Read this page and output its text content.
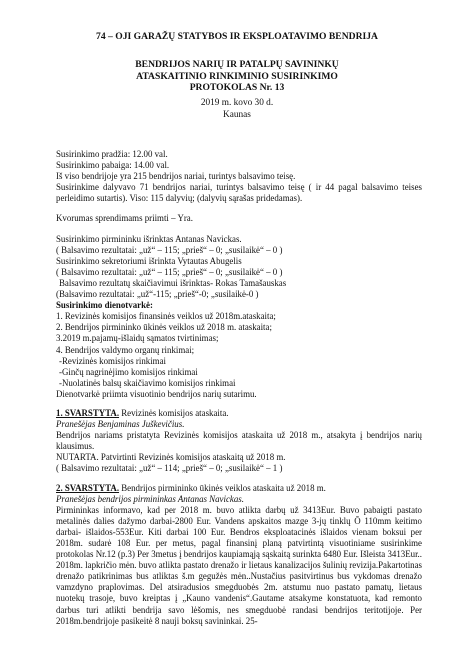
74 – OJI GARAŽŲ STATYBOS IR EKSPLOATAVIMO BENDRIJA
BENDRIJOS NARIŲ IR PATALPŲ SAVININKŲ
ATASKAITINIO RINKIMINIO SUSIRINKIMO
PROTOKOLAS Nr. 13
2019 m. kovo 30 d.
Kaunas

Susirinkimo pradžia: 12.00 val.

Susirinkimo pabaiga: 14.00 val.

Iš viso bendrijoje yra 215 bendrijos nariai, turintys balsavimo teisę.

Susirinkime dalyvavo 71 bendrijos nariai, turintys balsavimo teisę ( ir 44 pagal balsavimo teises perleidimo sutartis). Viso: 115 dalyvių; (dalyvių sąrašas pridedamas).

Kvorumas sprendimams priimti – Yra.

Susirinkimo pirmininku išrinktas Antanas Navickas.

( Balsavimo rezultatai: „už“ – 115; „prieš“ – 0; „susilaikė“ – 0 )

Susirinkimo sekretoriumi išrinkta Vytautas Abugelis

( Balsavimo rezultatai: „už“ – 115; „prieš“ – 0; „susilaikė“ – 0 )

Balsavimo rezultatų skaičiavimui išrinktas- Rokas Tamašauskas

(Balsavimo rezultatai: „už“-115; „prieš“-0; „susilaikė-0 )

Susirinkimo dienotvarkė:

1. Revizinės komisijos finansinės veiklos už 2018m.ataskaita;

2. Bendrijos pirmininko ūkinės veiklos už 2018 m. ataskaita;

3.2019 m.pajamų-išlaidų sąmatos tvirtinimas;

4. Bendrijos valdymo organų rinkimai;

-Revizinės komisijos rinkimai

-Ginčų nagrinėjimo komisijos rinkimai

-Nuolatinės balsų skaičiavimo komisijos rinkimai

Dienotvarkė priimta visuotinio bendrijos narių sutarimu.

1. SVARSTYTA. Revizinės komisijos ataskaita.

Pranešėjas Benjaminas Juškevičius.

Bendrijos nariams pristatyta Revizinės komisijos ataskaita už 2018 m., atsakyta į bendrijos narių klausimus.

NUTARTA. Patvirtinti Revizinės komisijos ataskaitą už 2018 m.

( Balsavimo rezultatai: „už“ – 114; „prieš“ – 0; „susilaikė“ – 1 )

2. SVARSTYTA. Bendrijos pirmininko ūkinės veiklos ataskaita už 2018 m.

Pranešėjas bendrijos pirmininkas Antanas Navickas.

Pirmininkas informavo, kad per 2018 m. buvo atlikta darbų už 3413Eur. Buvo pabaigti pastato metalinės dalies dažymo darbai-2800 Eur. Vandens apskaitos mazge 3-jų tinklų Ō 110mm keitimo darbai- išlaidos-553Eur. Kiti darbai 100 Eur. Bendros eksploatacinės išlaidos vienam boksui per 2018m. sudarė 108 Eur. per metus, pagal finansinį planą patvirtintą visuotiniame susirinkime protokolas Nr.12 (p.3) Per 3metus į bendrijos kaupiamąją sąskaitą surinkta 6480 Eur. Išleista 3413Eur.. 2018m. lapkričio mėn. buvo atlikta pastato drenažo ir lietaus kanalizacijos šulinių revizija.Pakartotinas drenažo patikrinimas bus atliktas š.m gegužės mėn..Nustačius pasitvirtinus bus vykdomas drenažo vamzdyno praplovimas. Del atsiradusios smegduobės 2m. atstumu nuo pastato pamatų, lietaus nuotekų trasoje, buvo kreiptas į „Kauno vandenis“.Gautame atsakyme konstatuota, kad remonto darbus turi atlikti bendrija savo lėšomis, nes smegduobė randasi bendrijos teritotijoje. Per 2018m.bendrijoje pasikeitė 8 nauji boksų savininkai. 25-
